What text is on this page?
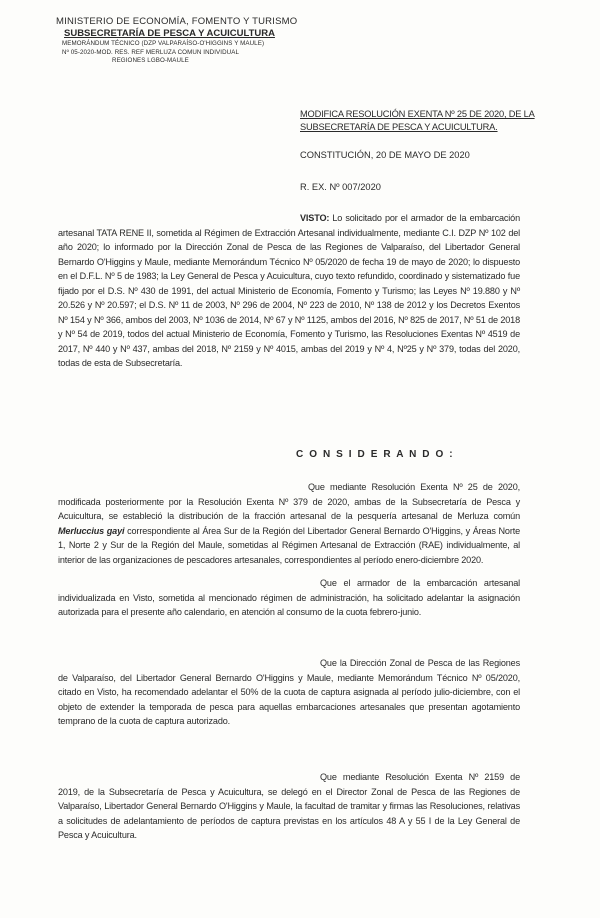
MINISTERIO DE ECONOMÍA, FOMENTO Y TURISMO
SUBSECRETARÍA DE PESCA Y ACUICULTURA
MEMORÁNDUM TÉCNICO (DZP VALPARAÍSO-O'HIGGINS Y MAULE)
Nº 05-2020-MOD. RES. REF MERLUZA COMUN INDIVIDUAL
REGIONES LGBO-MAULE
MODIFICA RESOLUCIÓN EXENTA Nº 25 DE 2020, DE LA SUBSECRETARÍA DE PESCA Y ACUICULTURA.
CONSTITUCIÓN, 20 DE MAYO DE 2020
R. EX. Nº 007/2020
VISTO: Lo solicitado por el armador de la embarcación artesanal TATA RENE II, sometida al Régimen de Extracción Artesanal individualmente, mediante C.I. DZP Nº 102 del año 2020; lo informado por la Dirección Zonal de Pesca de las Regiones de Valparaíso, del Libertador General Bernardo O'Higgins y Maule, mediante Memorándum Técnico Nº 05/2020 de fecha 19 de mayo de 2020; lo dispuesto en el D.F.L. Nº 5 de 1983; la Ley General de Pesca y Acuicultura, cuyo texto refundido, coordinado y sistematizado fue fijado por el D.S. Nº 430 de 1991, del actual Ministerio de Economía, Fomento y Turismo; las Leyes Nº 19.880 y Nº 20.526 y Nº 20.597; el D.S. Nº 11 de 2003, Nº 296 de 2004, Nº 223 de 2010, Nº 138 de 2012 y los Decretos Exentos Nº 154 y Nº 366, ambos del 2003, Nº 1036 de 2014, Nº 67 y Nº 1125, ambos del 2016, Nº 825 de 2017, Nº 51 de 2018 y Nº 54 de 2019, todos del actual Ministerio de Economía, Fomento y Turismo, las Resoluciones Exentas Nº 4519 de 2017, Nº 440 y Nº 437, ambas del 2018, Nº 2159 y Nº 4015, ambas del 2019 y Nº 4, Nº25 y Nº 379, todas del 2020, todas de esta de Subsecretaría.
C O N S I D E R A N D O :
Que mediante Resolución Exenta Nº 25 de 2020, modificada posteriormente por la Resolución Exenta Nº 379 de 2020, ambas de la Subsecretaría de Pesca y Acuicultura, se estableció la distribución de la fracción artesanal de la pesquería artesanal de Merluza común Merluccius gayi correspondiente al Área Sur de la Región del Libertador General Bernardo O'Higgins, y Áreas Norte 1, Norte 2 y Sur de la Región del Maule, sometidas al Régimen Artesanal de Extracción (RAE) individualmente, al interior de las organizaciones de pescadores artesanales, correspondientes al período enero-diciembre 2020.
Que el armador de la embarcación artesanal individualizada en Visto, sometida al mencionado régimen de administración, ha solicitado adelantar la asignación autorizada para el presente año calendario, en atención al consumo de la cuota febrero-junio.
Que la Dirección Zonal de Pesca de las Regiones de Valparaíso, del Libertador General Bernardo O'Higgins y Maule, mediante Memorándum Técnico Nº 05/2020, citado en Visto, ha recomendado adelantar el 50% de la cuota de captura asignada al período julio-diciembre, con el objeto de extender la temporada de pesca para aquellas embarcaciones artesanales que presentan agotamiento temprano de la cuota de captura autorizado.
Que mediante Resolución Exenta Nº 2159 de 2019, de la Subsecretaría de Pesca y Acuicultura, se delegó en el Director Zonal de Pesca de las Regiones de Valparaíso, Libertador General Bernardo O'Higgins y Maule, la facultad de tramitar y firmas las Resoluciones, relativas a solicitudes de adelantamiento de períodos de captura previstas en los artículos 48 A y 55 I de la Ley General de Pesca y Acuicultura.
